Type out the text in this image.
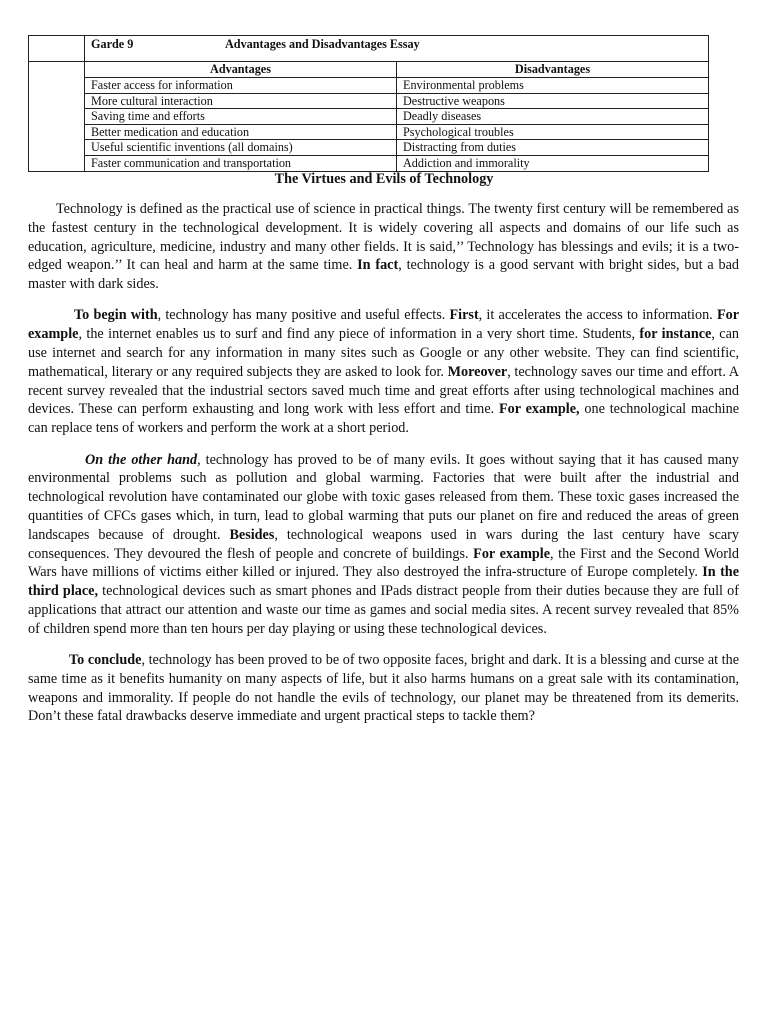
	Garde 9	Advantages and Disadvantages Essay

Advantages	Disadvantages
Faster access for information	Environmental problems
More cultural interaction	Destructive weapons
Saving time and efforts	Deadly diseases
Better medication and education	Psychological troubles
Useful scientific inventions (all domains)	Distracting from duties
Faster communication and transportation	Addiction and immorality
The Virtues and Evils of Technology

Technology is defined as the practical use of science in practical things. The twenty first century will be remembered as the fastest century in the technological development. It is widely covering all aspects and domains of our life such as education, agriculture, medicine, industry and many other fields. It is said,’’ Technology has blessings and evils; it is a two-edged weapon.’’ It can heal and harm at the same time. In fact, technology is a good servant with bright sides, but a bad master with dark sides.

To begin with, technology has many positive and useful effects. First, it accelerates the access to information. For example, the internet enables us to surf and find any piece of information in a very short time. Students, for instance, can use internet and search for any information in many sites such as Google or any other website. They can find scientific, mathematical, literary or any required subjects they are asked to look for. Moreover, technology saves our time and effort. A recent survey revealed that the industrial sectors saved much time and great efforts after using technological machines and devices. These can perform exhausting and long work with less effort and time. For example, one technological machine can replace tens of workers and perform the work at a short period.

On the other hand, technology has proved to be of many evils. It goes without saying that it has caused many environmental problems such as pollution and global warming. Factories that were built after the industrial and technological revolution have contaminated our globe with toxic gases released from them. These toxic gases increased the quantities of CFCs gases which, in turn, lead to global warming that puts our planet on fire and reduced the areas of green landscapes because of drought. Besides, technological weapons used in wars during the last century have scary consequences. They devoured the flesh of people and concrete of buildings. For example, the First and the Second World Wars have millions of victims either killed or injured. They also destroyed the infra-structure of Europe completely. In the third place, technological devices such as smart phones and IPads distract people from their duties because they are full of applications that attract our attention and waste our time as games and social media sites. A recent survey revealed that 85% of children spend more than ten hours per day playing or using these technological devices.

To conclude, technology has been proved to be of two opposite faces, bright and dark. It is a blessing and curse at the same time as it benefits humanity on many aspects of life, but it also harms humans on a great sale with its contamination, weapons and immorality. If people do not handle the evils of technology, our planet may be threatened from its demerits. Don’t these fatal drawbacks deserve immediate and urgent practical steps to tackle them?
